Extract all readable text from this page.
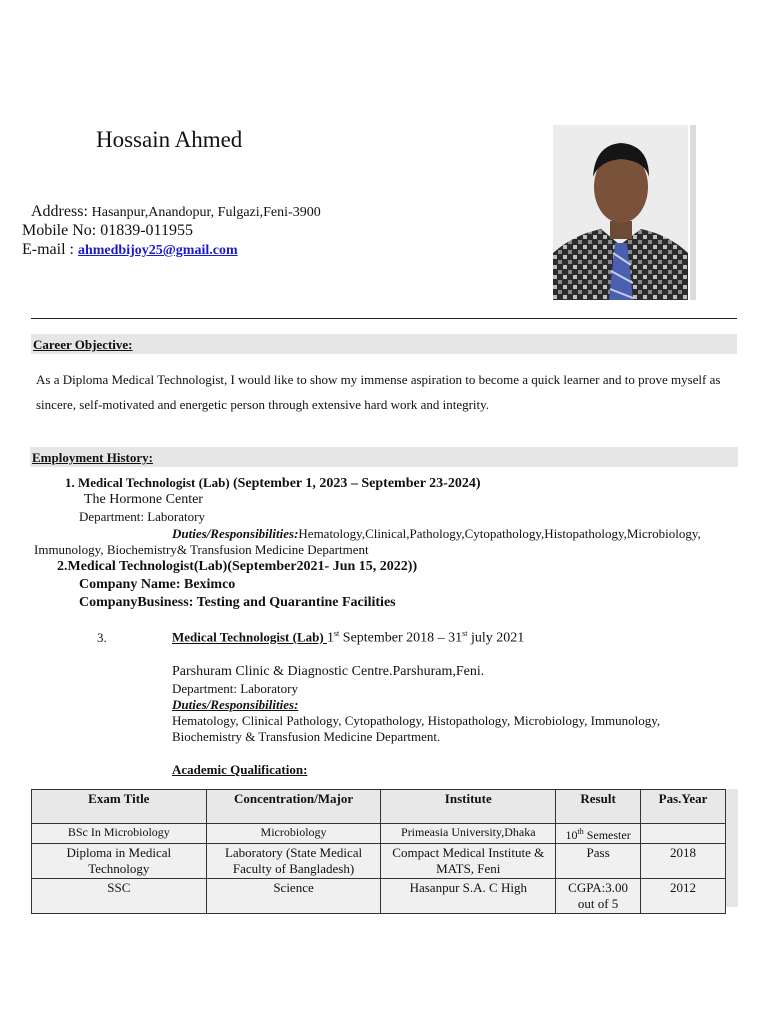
Hossain Ahmed
Address: Hasanpur,Anandopur, Fulgazi,Feni-3900
Mobile No: 01839-011955
E-mail : ahmedbijoy25@gmail.com
Career Objective:
As a Diploma Medical Technologist, I would like to show my immense aspiration to become a quick learner and to prove myself as sincere, self-motivated and energetic person through extensive hard work and integrity.
Employment History:
1. Medical Technologist (Lab) (September 1, 2023 – September 23-2024)
The Hormone Center
Department: Laboratory
Duties/Responsibilities:Hematology,Clinical,Pathology,Cytopathology,Histopathology,Microbiology,
Immunology, Biochemistry& Transfusion Medicine Department
2.Medical Technologist(Lab)(September2021- Jun 15, 2022))
Company Name: Beximco
CompanyBusiness: Testing and Quarantine Facilities
3.	Medical Technologist (Lab) 1st September 2018 – 31st july 2021
Parshuram Clinic & Diagnostic Centre.Parshuram,Feni.
Department: Laboratory
Duties/Responsibilities:
Hematology, Clinical Pathology, Cytopathology, Histopathology, Microbiology, Immunology,
Biochemistry & Transfusion Medicine Department.
Academic Qualification:
Exam Title	Concentration/Major	Institute	Result	Pas.Year
BSc In Microbiology	Microbiology	Primeasia University,Dhaka	10th Semester	
Diploma in Medical Technology	Laboratory (State Medical Faculty of Bangladesh)	Compact Medical Institute & MATS, Feni	Pass	2018
SSC	Science	Hasanpur S.A. C High	CGPA:3.00 out of 5	2012
